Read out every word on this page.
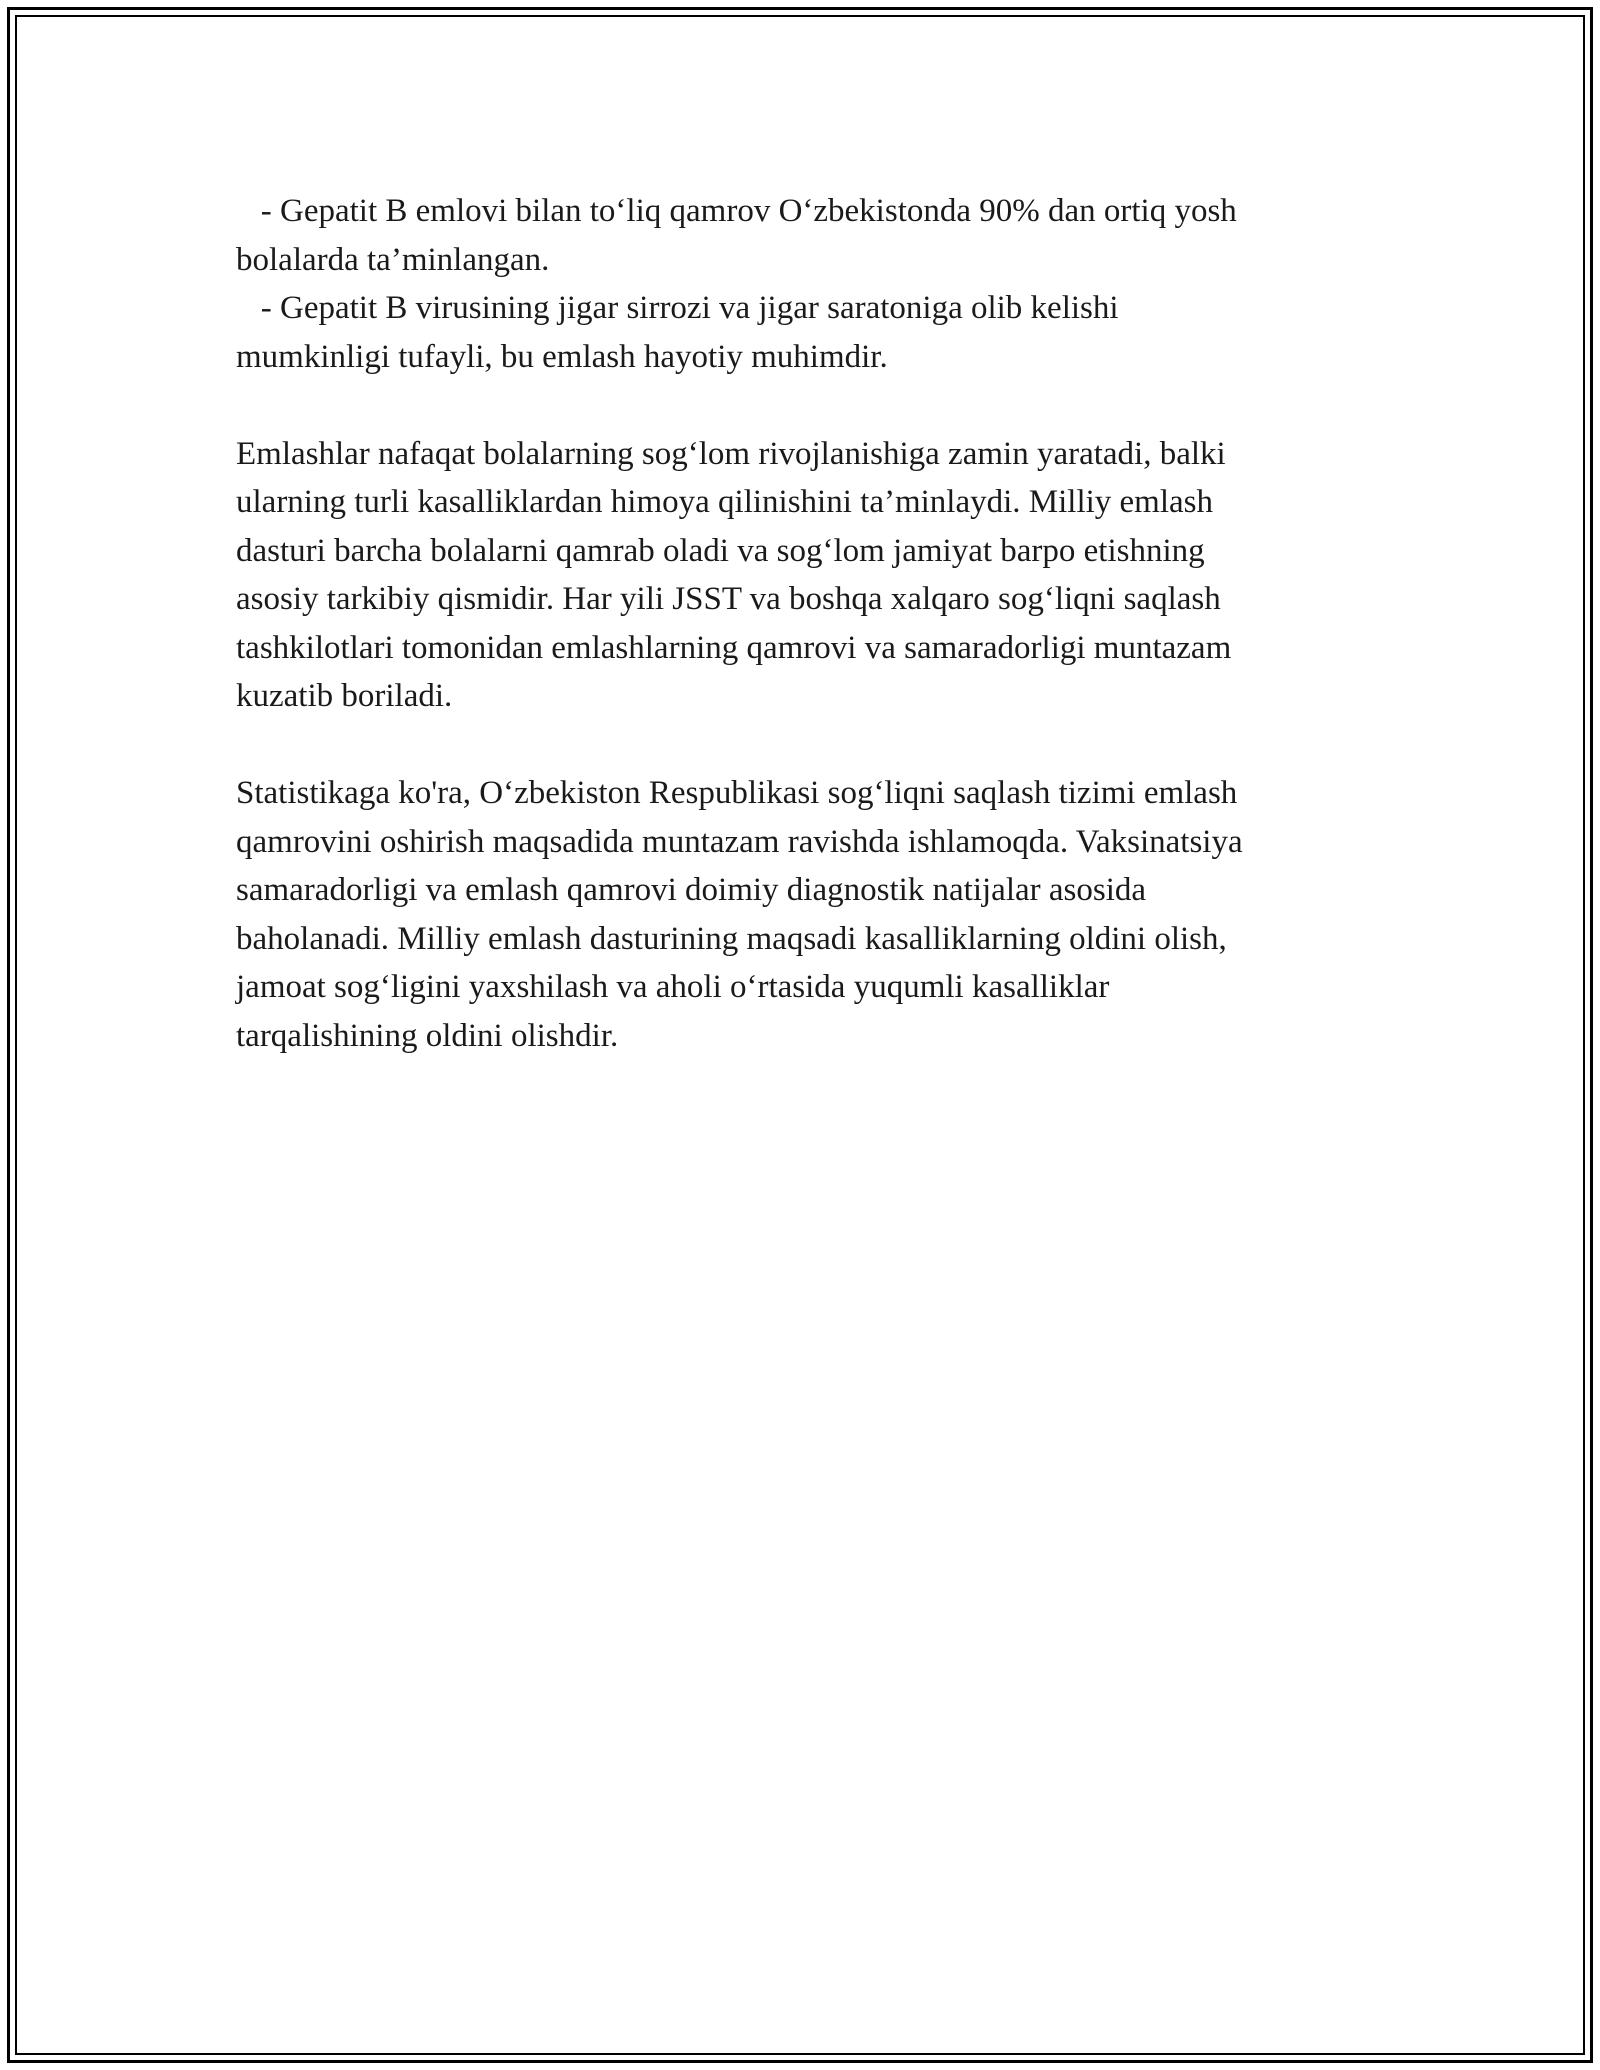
- Gepatit B emlovi bilan to‘liq qamrov O‘zbekistonda 90% dan ortiq yosh
bolalarda ta’minlangan.
- Gepatit B virusining jigar sirrozi va jigar saratoniga olib kelishi
mumkinligi tufayli, bu emlash hayotiy muhimdir.
Emlashlar nafaqat bolalarning sog‘lom rivojlanishiga zamin yaratadi, balki
ularning turli kasalliklardan himoya qilinishini ta’minlaydi. Milliy emlash
dasturi barcha bolalarni qamrab oladi va sog‘lom jamiyat barpo etishning
asosiy tarkibiy qismidir. Har yili JSST va boshqa xalqaro sog‘liqni saqlash
tashkilotlari tomonidan emlashlarning qamrovi va samaradorligi muntazam
kuzatib boriladi.
Statistikaga ko'ra, O‘zbekiston Respublikasi sog‘liqni saqlash tizimi emlash
qamrovini oshirish maqsadida muntazam ravishda ishlamoqda. Vaksinatsiya
samaradorligi va emlash qamrovi doimiy diagnostik natijalar asosida
baholanadi. Milliy emlash dasturining maqsadi kasalliklarning oldini olish,
jamoat sog‘ligini yaxshilash va aholi o‘rtasida yuqumli kasalliklar
tarqalishining oldini olishdir.
